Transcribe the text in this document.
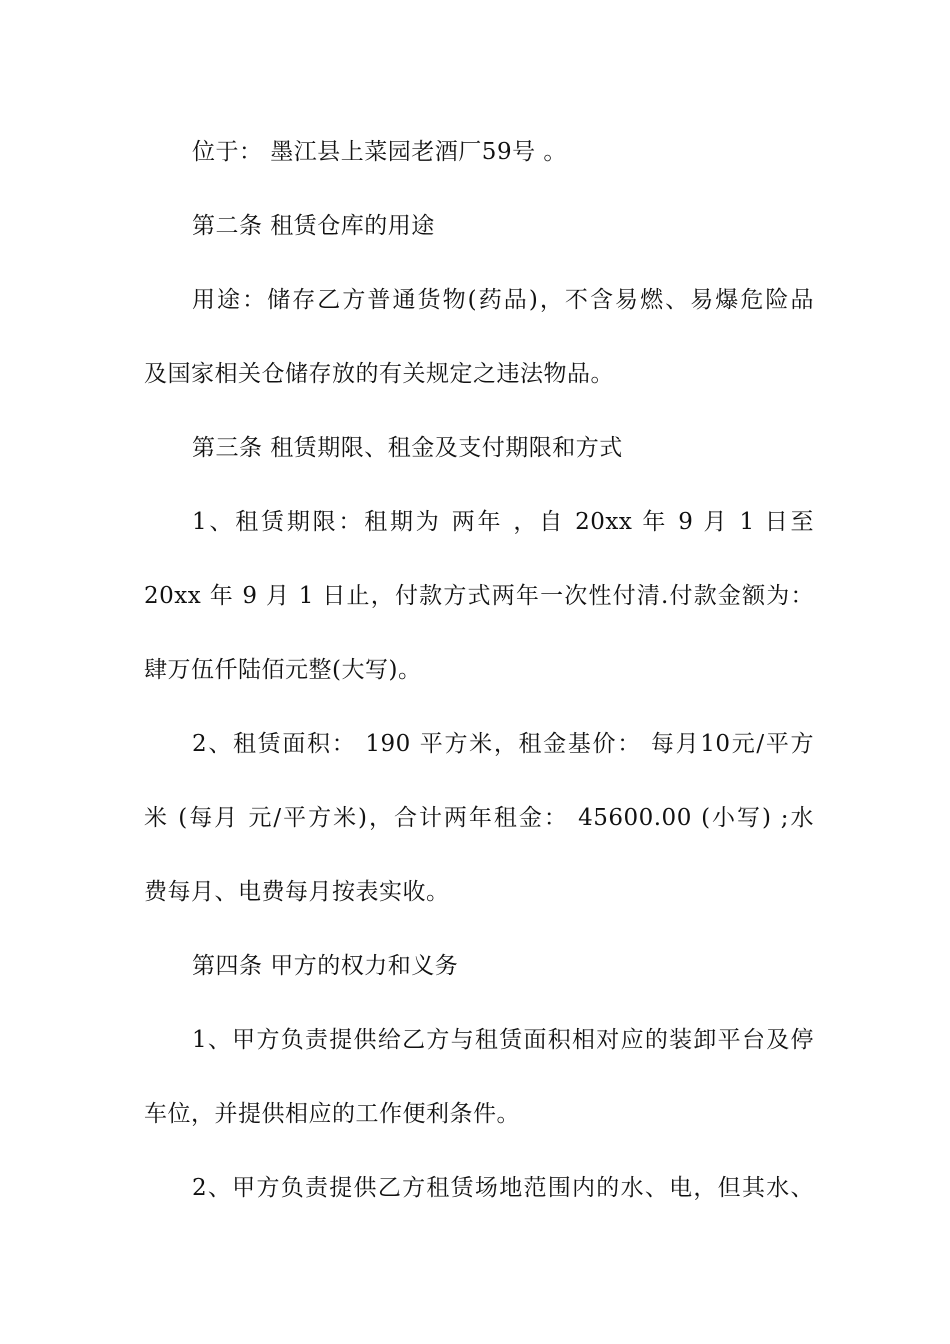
位于： 墨江县上菜园老酒厂59号 。
第二条 租赁仓库的用途
用途：储存乙方普通货物(药品)，不含易燃、易爆危险品
及国家相关仓储存放的有关规定之违法物品。
第三条 租赁期限、租金及支付期限和方式
1、租赁期限：租期为 两年 ，自 20xx 年 9 月 1 日至
20xx 年 9 月 1 日止，付款方式两年一次性付清.付款金额为：
肆万伍仟陆佰元整(大写)。
2、租赁面积： 190 平方米，租金基价： 每月10元/平方
米 (每月 元/平方米)，合计两年租金： 45600.00 (小写) ;水
费每月、电费每月按表实收。
第四条 甲方的权力和义务
1、甲方负责提供给乙方与租赁面积相对应的装卸平台及停
车位，并提供相应的工作便利条件。
2、甲方负责提供乙方租赁场地范围内的水、电，但其水、
